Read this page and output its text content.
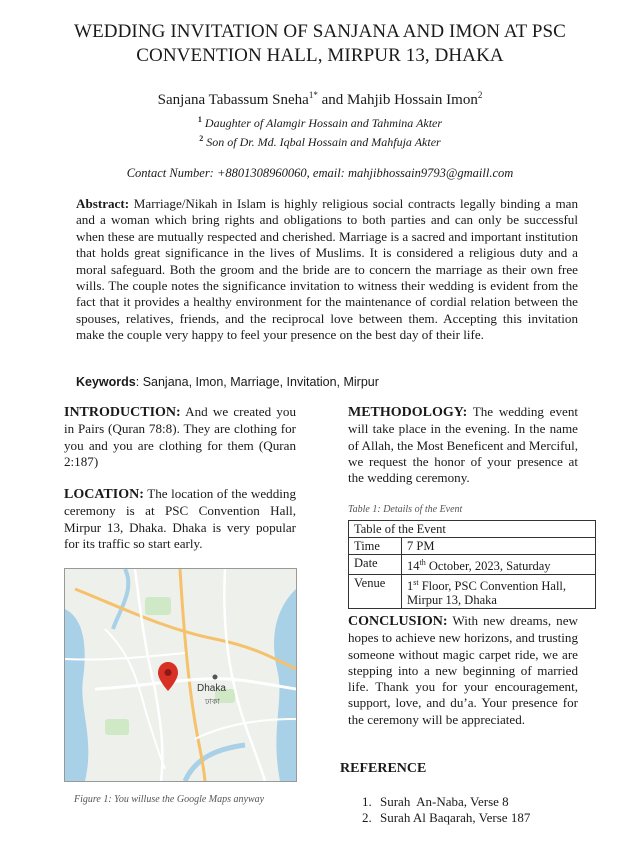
WEDDING INVITATION OF SANJANA AND IMON AT PSC CONVENTION HALL, MIRPUR 13, DHAKA
Sanjana Tabassum Sneha$^{1*}$ and Mahjib Hossain Imon$^2$
$^1$ Daughter of Alamgir Hossain and Tahmina Akter
$^2$ Son of Dr. Md. Iqbal Hossain and Mahfuja Akter
Contact Number: +8801308960060, email: mahjibhossain9793@gmaill.com
Abstract: Marriage/Nikah in Islam is highly religious social contracts legally binding a man and a woman which bring rights and obligations to both parties and can only be successful when these are mutually respected and cherished. Marriage is a sacred and important institution that holds great significance in the lives of Muslims. It is considered a religious duty and a moral safeguard. Both the groom and the bride are to concern the marriage as their own free wills. The couple notes the significance invitation to witness their wedding is evident from the fact that it provides a healthy environment for the maintenance of cordial relation between the spouses, relatives, friends, and the reciprocal love between them. Accepting this invitation make the couple very happy to feel your presence on the best day of their life.
Keywords: Sanjana, Imon, Marriage, Invitation, Mirpur

INTRODUCTION: And we created you in Pairs (Quran 78:8). They are clothing for you and you are clothing for them (Quran 2:187)

LOCATION: The location of the wedding ceremony is at PSC Convention Hall, Mirpur 13, Dhaka. Dhaka is very popular for its traffic so start early.

Dhaka
ঢাকা
Figure 1: You willuse the Google Maps anyway

METHODOLOGY: The wedding event will take place in the evening. In the name of Allah, the Most Beneficent and Merciful, we request the honor of your presence at the wedding ceremony.

Table 1: Details of the Event
Table of the Event	
Time	7 PM
Date	14th October, 2023, Saturday
Venue	1st Floor, PSC Convention Hall, Mirpur 13, Dhaka

CONCLUSION: With new dreams, new hopes to achieve new horizons, and trusting someone without magic carpet ride, we are stepping into a new beginning of married life. Thank you for your encouragement, support, love, and du’a. Your presence for the ceremony will be appreciated.

REFERENCE
1. Surah  An-Naba, Verse 8
2. Surah Al Baqarah, Verse 187
